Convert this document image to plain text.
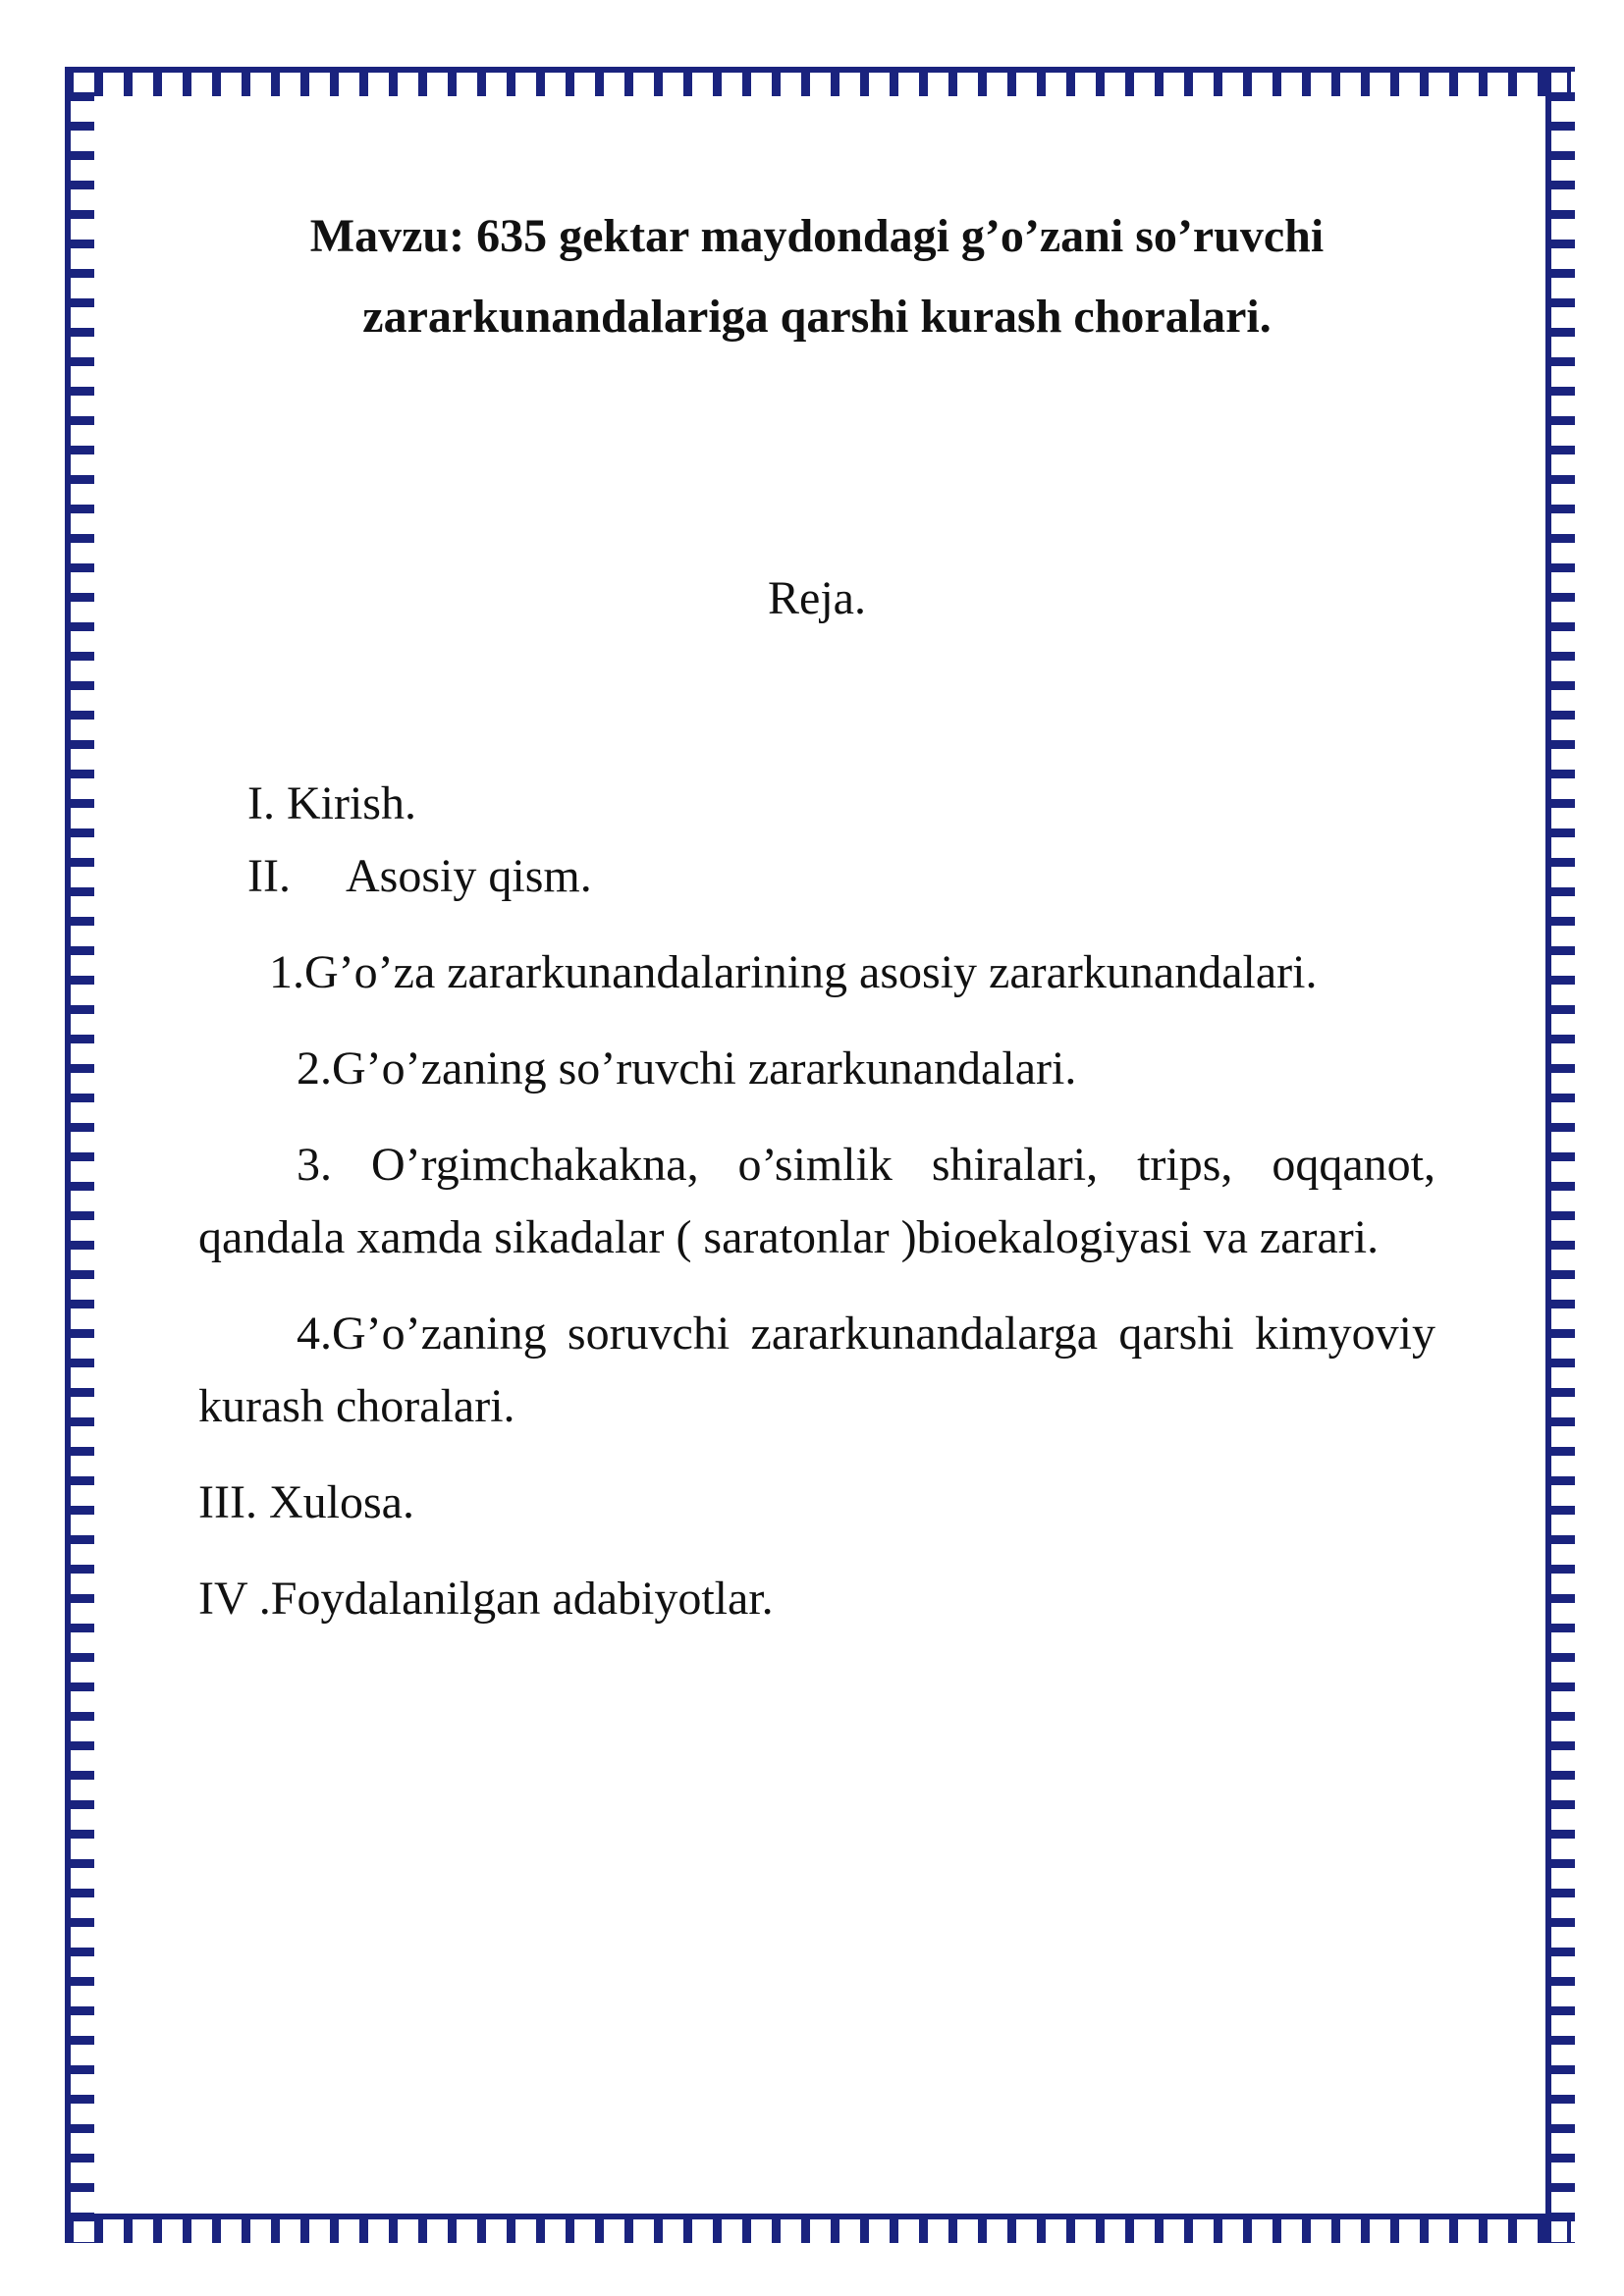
Mavzu: 635 gektar maydondagi g’o’zani so’ruvchi
zararkunandalariga qarshi kurash choralari.

Reja.

I. Kirish.

II. Asosiy qism.

1.G’o’za zararkunandalarining asosiy zararkunandalari.

2.G’o’zaning so’ruvchi zararkunandalari.

3. O’rgimchakakna, o’simlik shiralari, trips, oqqanot, qandala xamda sikadalar ( saratonlar )bioekalogiyasi va zarari.

4.G’o’zaning soruvchi zararkunandalarga qarshi kimyoviy kurash choralari.

III. Xulosa.

IV .Foydalanilgan adabiyotlar.
